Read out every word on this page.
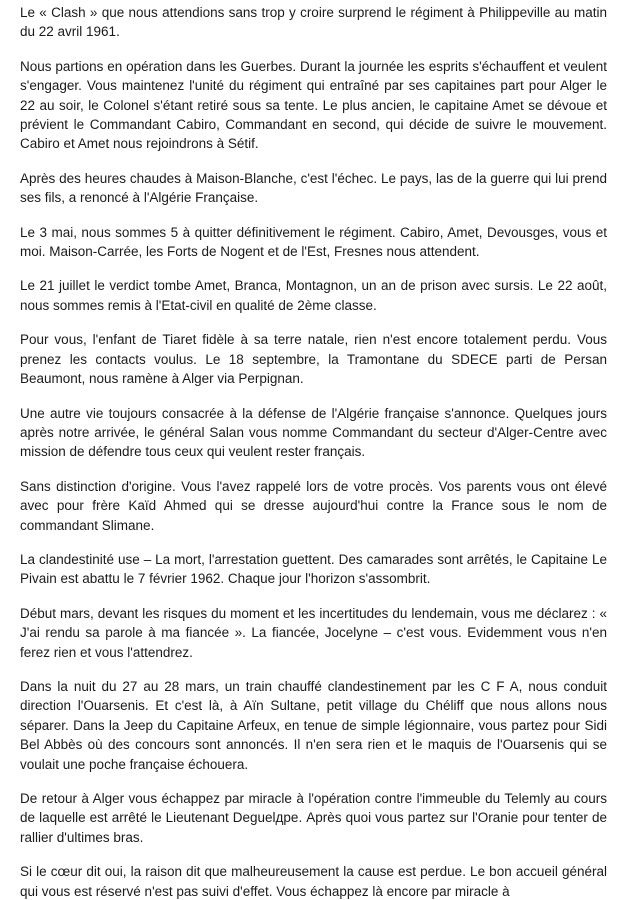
Le « Clash » que nous attendions sans trop y croire surprend le régiment à Philippeville au matin du 22 avril 1961.

Nous partions en opération dans les Guerbes. Durant la journée les esprits s'échauffent et veulent s'engager. Vous maintenez l'unité du régiment qui entraîné par ses capitaines part pour Alger le 22 au soir, le Colonel s'étant retiré sous sa tente. Le plus ancien, le capitaine Amet se dévoue et prévient le Commandant Cabiro, Commandant en second, qui décide de suivre le mouvement. Cabiro et Amet nous rejoindrons à Sétif.

Après des heures chaudes à Maison-Blanche, c'est l'échec. Le pays, las de la guerre qui lui prend ses fils, a renoncé à l'Algérie Française.

Le 3 mai, nous sommes 5 à quitter définitivement le régiment. Cabiro, Amet, Devousges, vous et moi. Maison-Carrée, les Forts de Nogent et de l'Est, Fresnes nous attendent.

Le 21 juillet le verdict tombe Amet, Branca, Montagnon, un an de prison avec sursis. Le 22 août, nous sommes remis à l'Etat-civil en qualité de 2ème classe.

Pour vous, l'enfant de Tiaret fidèle à sa terre natale, rien n'est encore totalement perdu. Vous prenez les contacts voulus. Le 18 septembre, la Tramontane du SDECE parti de Persan Beaumont, nous ramène à Alger via Perpignan.

Une autre vie toujours consacrée à la défense de l'Algérie française s'annonce. Quelques jours après notre arrivée, le général Salan vous nomme Commandant du secteur d'Alger-Centre avec mission de défendre tous ceux qui veulent rester français.

Sans distinction d'origine. Vous l'avez rappelé lors de votre procès. Vos parents vous ont élevé avec pour frère Kaïd Ahmed qui se dresse aujourd'hui contre la France sous le nom de commandant Slimane.

La clandestinité use – La mort, l'arrestation guettent. Des camarades sont arrêtés, le Capitaine Le Pivain est abattu le 7 février 1962. Chaque jour l'horizon s'assombrit.

Début mars, devant les risques du moment et les incertitudes du lendemain, vous me déclarez : « J'ai rendu sa parole à ma fiancée ». La fiancée, Jocelyne – c'est vous. Evidemment vous n'en ferez rien et vous l'attendrez.

Dans la nuit du 27 au 28 mars, un train chauffé clandestinement par les C F A, nous conduit direction l'Ouarsenis. Et c'est là, à Aïn Sultane, petit village du Chéliff que nous allons nous séparer. Dans la Jeep du Capitaine Arfeux, en tenue de simple légionnaire, vous partez pour Sidi Bel Abbès où des concours sont annoncés. Il n'en sera rien et le maquis de l'Ouarsenis qui se voulait une poche française échouera.

De retour à Alger vous échappez par miracle à l'opération contre l'immeuble du Telemly au cours de laquelle est arrêté le Lieutenant Deguelдре. Après quoi vous partez sur l'Oranie pour tenter de rallier d'ultimes bras.

Si le cœur dit oui, la raison dit que malheureusement la cause est perdue. Le bon accueil général qui vous est réservé n'est pas suivi d'effet. Vous échappez là encore par miracle à
